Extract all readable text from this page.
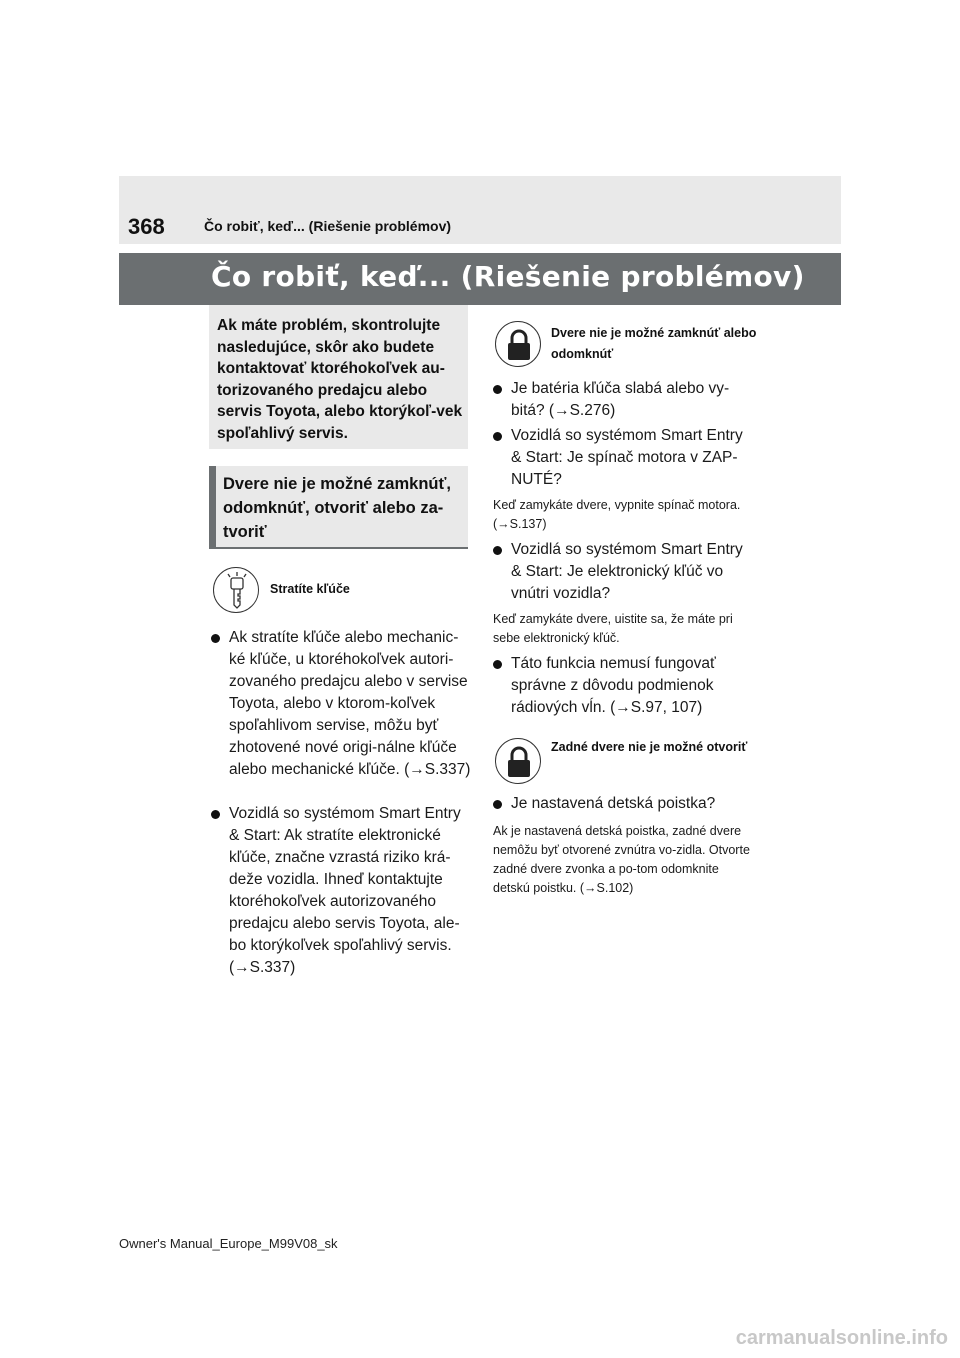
368	Čo robiť, keď... (Riešenie problémov)
Čo robiť, keď... (Riešenie problémov)

Ak máte problém, skontrolujte nasledujúce, skôr ako budete kontaktovať ktoréhokoľvek au-torizovaného predajcu alebo servis Toyota, alebo ktorýkoľ-vek spoľahlivý servis.

Dvere nie je možné zamknúť, odomknúť, otvoriť alebo za-tvoriť
Stratíte kľúče
Ak stratíte kľúče alebo mechanic-ké kľúče, u ktoréhokoľvek autori-zovaného predajcu alebo v servise Toyota, alebo v ktorom-koľvek spoľahlivom servise, môžu byť zhotovené nové origi-nálne kľúče alebo mechanické kľúče. (→S.337)
Vozidlá so systémom Smart Entry & Start: Ak stratíte elektronické kľúče, značne vzrastá riziko krá-deže vozidla. Ihneď kontaktujte ktoréhokoľvek autorizovaného predajcu alebo servis Toyota, ale-bo ktorýkoľvek spoľahlivý servis. (→S.337)
Dvere nie je možné zamknúť alebo odomknúť
Je batéria kľúča slabá alebo vy-bitá? (→S.276)
Vozidlá so systémom Smart Entry & Start: Je spínač motora v ZAP-NUTÉ?
Keď zamykáte dvere, vypnite spínač motora. (→S.137)
Vozidlá so systémom Smart Entry & Start: Je elektronický kľúč vo vnútri vozidla?
Keď zamykáte dvere, uistite sa, že máte pri sebe elektronický kľúč.
Táto funkcia nemusí fungovať správne z dôvodu podmienok rádiových vĺn. (→S.97, 107)
Zadné dvere nie je možné otvoriť
Je nastavená detská poistka?
Ak je nastavená detská poistka, zadné dvere nemôžu byť otvorené zvnútra vo-zidla. Otvorte zadné dvere zvonka a po-tom odomknite detskú poistku. (→S.102)
Owner's Manual_Europe_M99V08_sk
carmanualsonline.info
